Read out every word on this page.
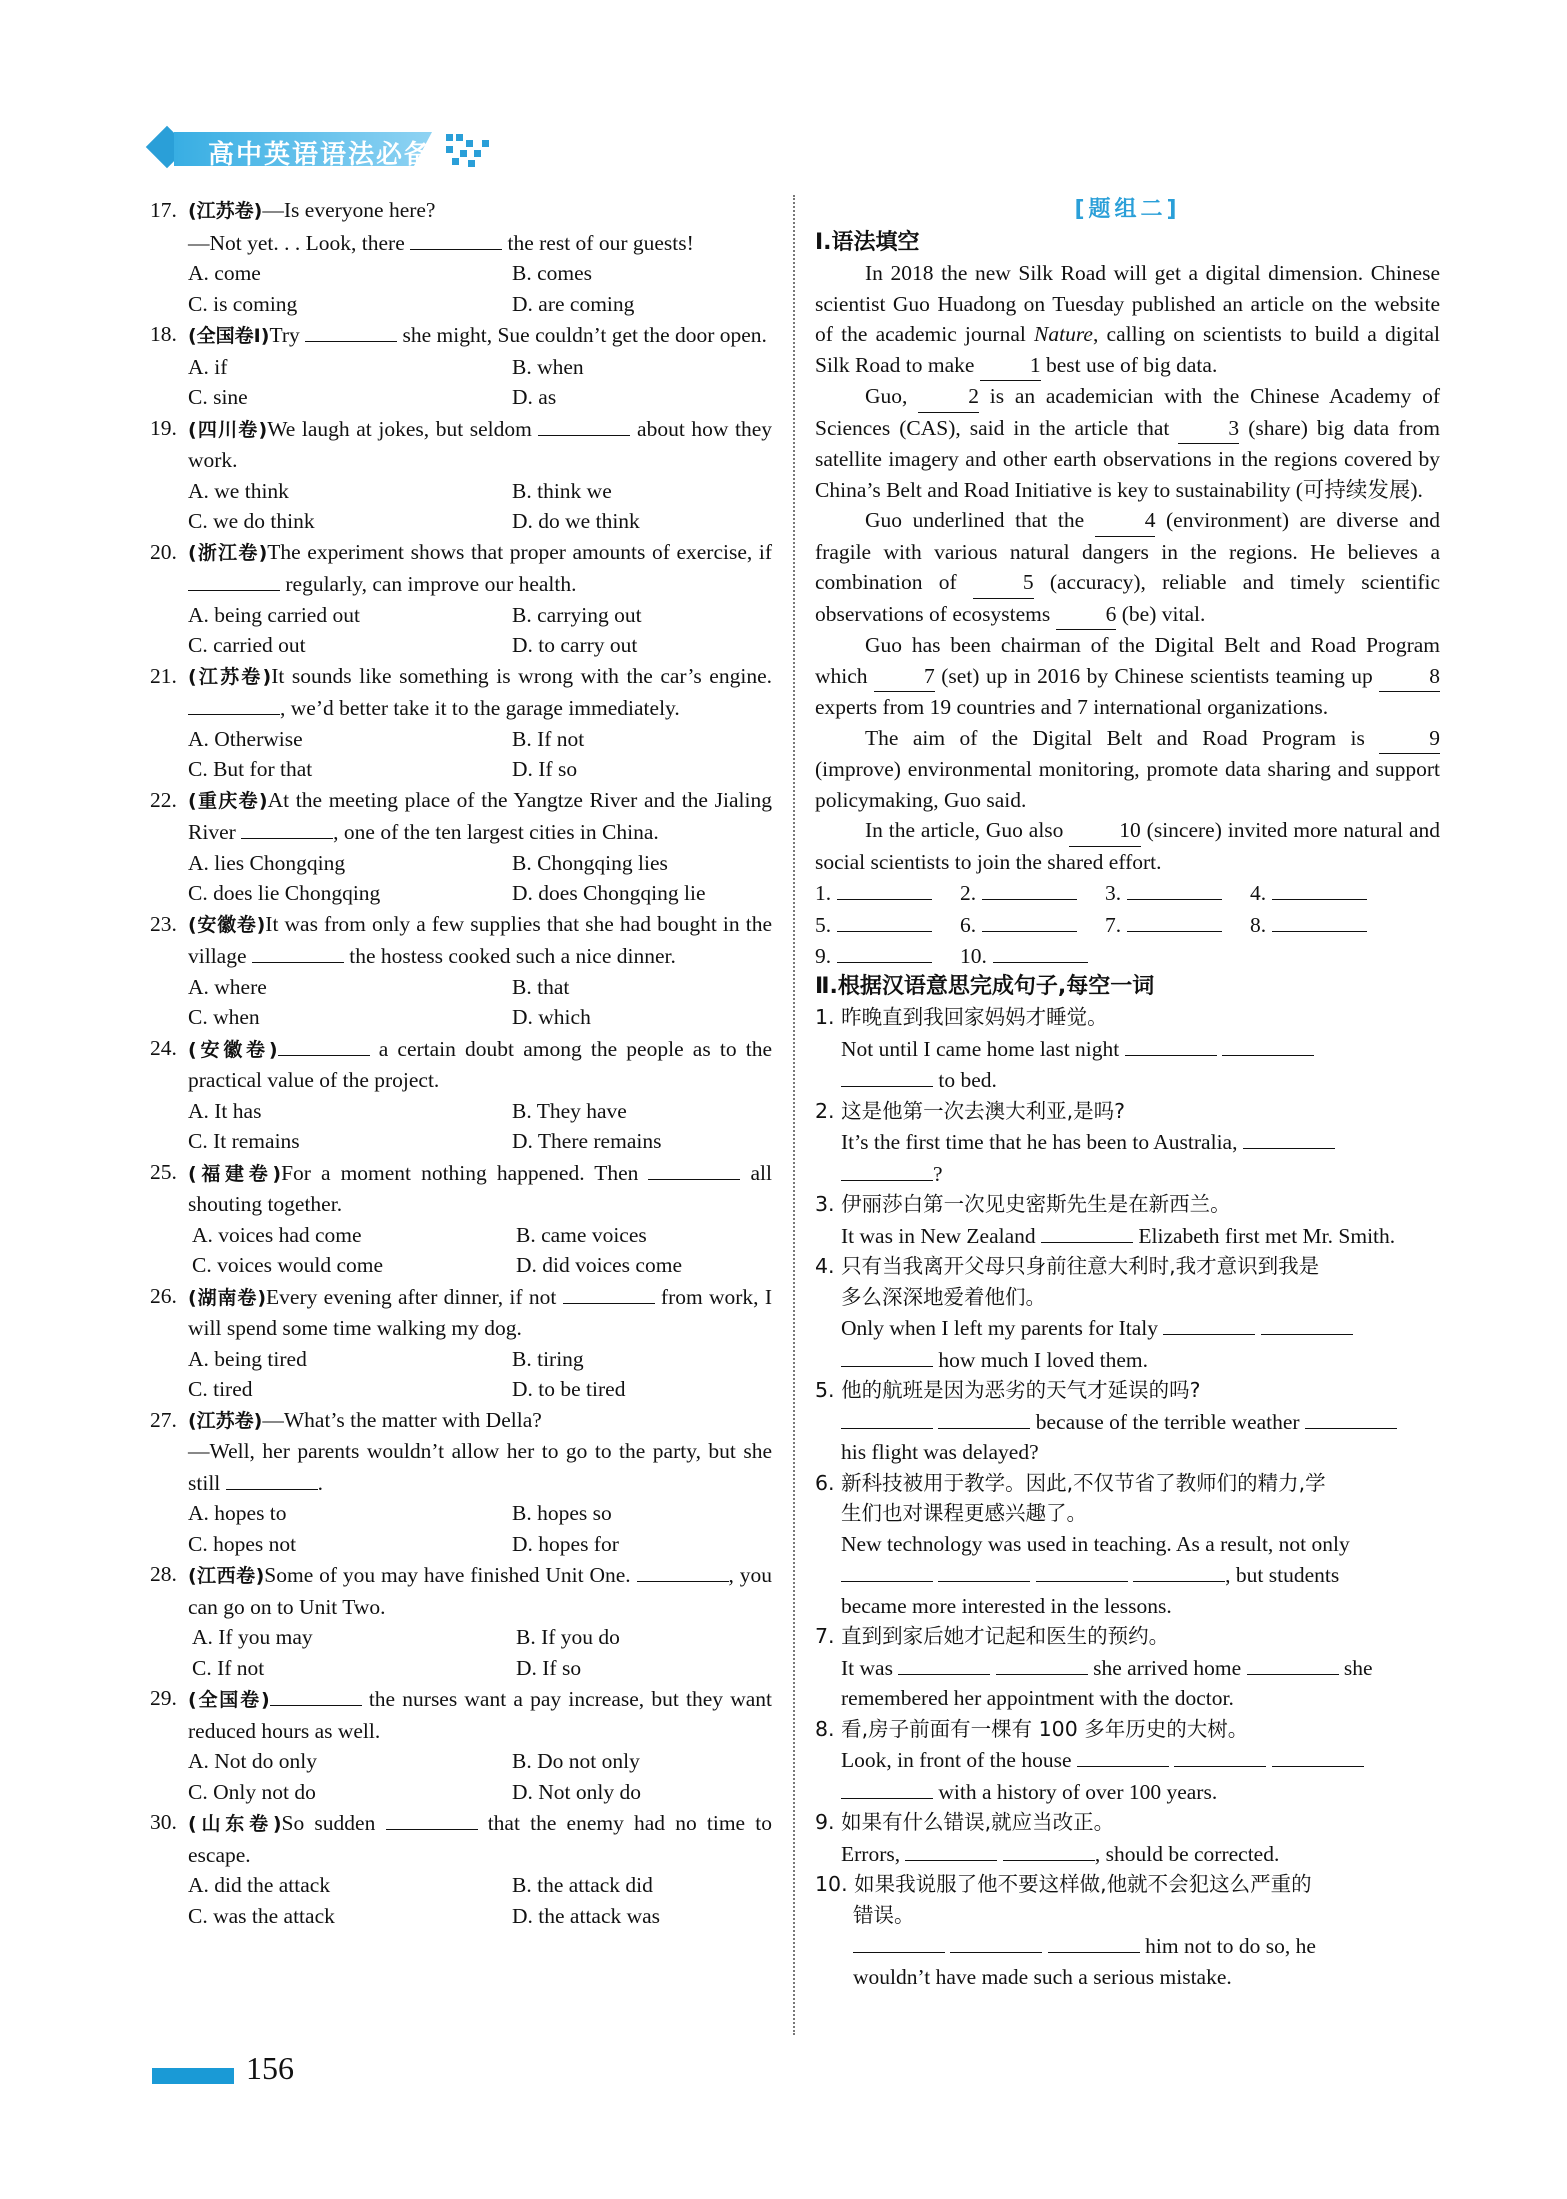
高中英语语法必备
17. (江苏卷)—Is everyone here?
—Not yet. . . Look, there	the rest of our guests!
A. come	B. comes
C. is coming	D. are coming
18. (全国卷Ⅰ)Try	she might, Sue couldn’t get the door open.
A. if	B. when
C. sine	D. as
19. (四川卷)We laugh at jokes, but seldom	about how they work.
A. we think	B. think we
C. we do think	D. do we think
20. (浙江卷)The experiment shows that proper amounts of exercise, if  regularly, can improve our health.
A. being carried out	B. carrying out
C. carried out	D. to carry out
21. (江苏卷)It sounds like something is wrong with the car’s engine. , we’d better take it to the garage immediately.
A. Otherwise	B. If not
C. But for that	D. If so
22. (重庆卷)At the meeting place of the Yangtze River and the Jialing River	, one of the ten largest cities in China.
A. lies Chongqing	B. Chongqing lies
C. does lie Chongqing	D. does Chongqing lie
23. (安徽卷)It was from only a few supplies that she had bought in the village	the hostess cooked such a nice dinner.
A. where	B. that
C. when	D. which
24. (安徽卷)	a certain doubt among the people as to the practical value of the project.
A. It has	B. They have
C. It remains	D. There remains
25. (福建卷)For a moment nothing happened. Then	all shouting together.
A. voices had come	B. came voices
C. voices would come	D. did voices come
26. (湖南卷)Every evening after dinner, if not	from work, I will spend some time walking my dog.
A. being tired	B. tiring
C. tired	D. to be tired
27. (江苏卷)—What’s the matter with Della?
—Well, her parents wouldn’t allow her to go to the party, but she still	.
A. hopes to	B. hopes so
C. hopes not	D. hopes for
28. (江西卷)Some of you may have finished Unit One.	, you can go on to Unit Two.
A. If you may	B. If you do
C. If not	D. If so
29. (全国卷)	the nurses want a pay increase, but they want reduced hours as well.
A. Not do only	B. Do not only
C. Only not do	D. Not only do
30. (山东卷)So sudden	that the enemy had no time to escape.
A. did the attack	B. the attack did
C. was the attack	D. the attack was
[题组二]
Ⅰ.语法填空

In 2018 the new Silk Road will get a digital dimension. Chinese scientist Guo Huadong on Tuesday published an article on the website of the academic journal Nature, calling on scientists to build a digital Silk Road to make	1 best use of big data.

Guo,	2 is an academician with the Chinese Academy of Sciences (CAS), said in the article that	3 (share) big data from satellite imagery and other earth observations in the regions covered by China’s Belt and Road Initiative is key to sustainability (可持续发展).

Guo underlined that the	4 (environment) are diverse and fragile with various natural dangers in the regions. He believes a combination of	5 (accuracy), reliable and timely scientific observations of ecosystems	6 (be) vital.

Guo has been chairman of the Digital Belt and Road Program which	7 (set) up in 2016 by Chinese scientists teaming up	8 experts from 19 countries and 7 international organizations.

The aim of the Digital Belt and Road Program is	9 (improve) environmental monitoring, promote data sharing and support policymaking, Guo said.

In the article, Guo also	10 (sincere) invited more natural and social scientists to join the shared effort.

1.	2.	3.	4.
5.	6.	7.	8.
9.	10.
Ⅱ.根据汉语意思完成句子,每空一词
1. 昨晚直到我回家妈妈才睡觉。
Not until I came home last night
to bed.
2. 这是他第一次去澳大利亚,是吗?
It’s the first time that he has been to Australia,
?
3. 伊丽莎白第一次见史密斯先生是在新西兰。
It was in New Zealand	Elizabeth first met Mr. Smith.
4. 只有当我离开父母只身前往意大利时,我才意识到我是
多么深深地爱着他们。
Only when I left my parents for Italy
how much I loved them.
5. 他的航班是因为恶劣的天气才延误的吗?
because of the terrible weather
his flight was delayed?
6. 新科技被用于教学。因此,不仅节省了教师们的精力,学
生们也对课程更感兴趣了。
New technology was used in teaching. As a result, not only
, but students
became more interested in the lessons.
7. 直到到家后她才记起和医生的预约。
It was	she arrived home	she
remembered her appointment with the doctor.
8. 看,房子前面有一棵有 100 多年历史的大树。
Look, in front of the house
with a history of over 100 years.
9. 如果有什么错误,就应当改正。
Errors,	, should be corrected.
10. 如果我说服了他不要这样做,他就不会犯这么严重的
错误。
him not to do so, he
wouldn’t have made such a serious mistake.
156
